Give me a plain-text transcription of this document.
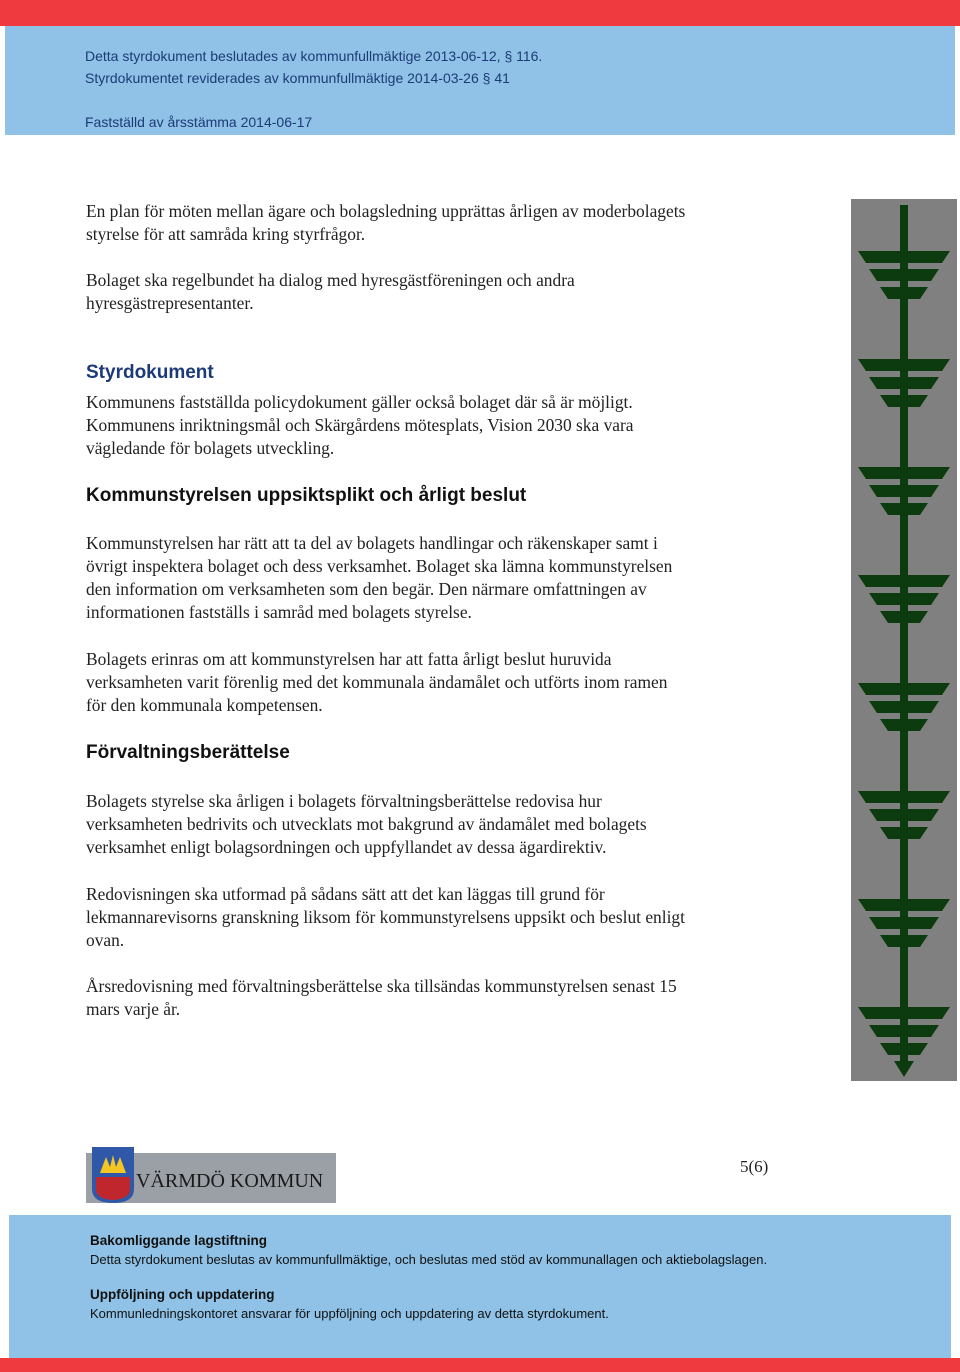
Detta styrdokument beslutades av kommunfullmäktige 2013-06-12, § 116.
Styrdokumentet reviderades av kommunfullmäktige 2014-03-26 § 41
Fastställd av årsstämma 2014-06-17

En plan för möten mellan ägare och bolagsledning upprättas årligen av moderbolagets

styrelse för att samråda kring styrfrågor.

Bolaget ska regelbundet ha dialog med hyresgästföreningen och andra

hyresgästrepresentanter.

Styrdokument

Kommunens fastställda policydokument gäller också bolaget där så är möjligt.

Kommunens inriktningsmål och Skärgårdens mötesplats, Vision 2030 ska vara

vägledande för bolagets utveckling.

Kommunstyrelsen uppsiktsplikt och årligt beslut

Kommunstyrelsen har rätt att ta del av bolagets handlingar och räkenskaper samt i

övrigt inspektera bolaget och dess verksamhet. Bolaget ska lämna kommunstyrelsen

den information om verksamheten som den begär. Den närmare omfattningen av

informationen fastställs i samråd med bolagets styrelse.

Bolagets erinras om att kommunstyrelsen har att fatta årligt beslut huruvida

verksamheten varit förenlig med det kommunala ändamålet och utförts inom ramen

för den kommunala kompetensen.

Förvaltningsberättelse

Bolagets styrelse ska årligen i bolagets förvaltningsberättelse redovisa hur

verksamheten bedrivits och utvecklats mot bakgrund av ändamålet med bolagets

verksamhet enligt bolagsordningen och uppfyllandet av dessa ägardirektiv.

Redovisningen ska utformad på sådans sätt att det kan läggas till grund för

lekmannarevisorns granskning liksom för kommunstyrelsens uppsikt och beslut enligt

ovan.

Årsredovisning med förvaltningsberättelse ska tillsändas kommunstyrelsen senast 15

mars varje år.

VÄRMDÖ KOMMUN
5(6)
Bakomliggande lagstiftning
Detta styrdokument beslutas av kommunfullmäktige, och beslutas med stöd av kommunallagen och aktiebolagslagen.
Uppföljning och uppdatering
Kommunledningskontoret ansvarar för uppföljning och uppdatering av detta styrdokument.
